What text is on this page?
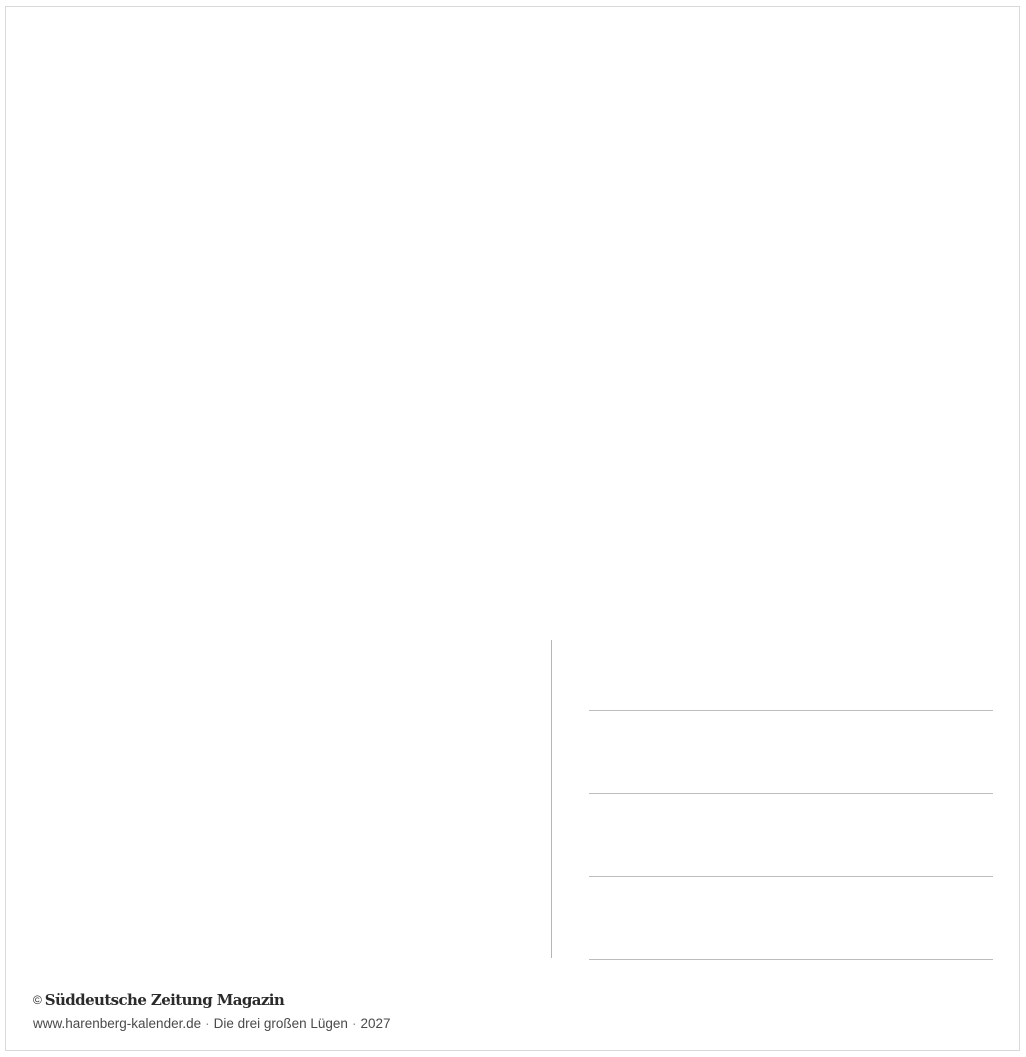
© Süddeutsche Zeitung Magazin
www.harenberg-kalender.de · Die drei großen Lügen · 2027
